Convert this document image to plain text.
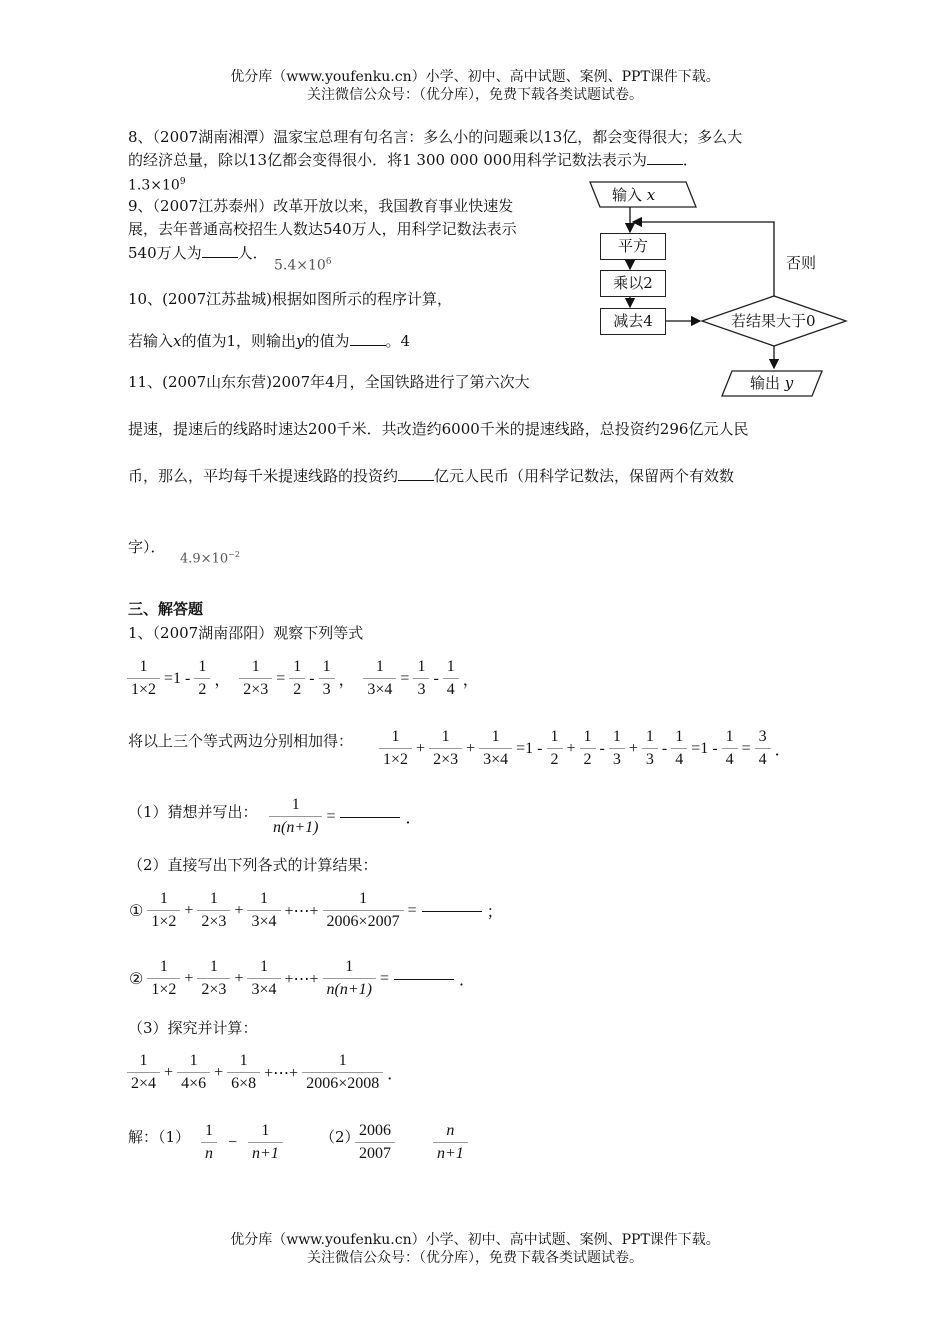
优分库（www.youfenku.cn）小学、初中、高中试题、案例、PPT课件下载。
关注微信公众号：（优分库），免费下载各类试题试卷。
8、（2007湖南湘潭）温家宝总理有句名言：多么小的问题乘以13亿，都会变得很大；多么大
的经济总量，除以13亿都会变得很小．将1 300 000 000用科学记数法表示为 ．
$1.3\times 10^9$
9、（2007江苏泰州）改革开放以来，我国教育事业快速发
展，去年普通高校招生人数达540万人，用科学记数法表示
540万人为 人．
$5.4\times 10^6$
10、(2007江苏盐城)根据如图所示的程序计算，
若输入x的值为1，则输出y的值为 。4
输入 x
平方
乘以2
减去4	若结果大于0
否则
输出 y
11、(2007山东东营)2007年4月，全国铁路进行了第六次大
提速，提速后的线路时速达200千米．共改造约6000千米的提速线路，总投资约296亿元人民
币，那么，平均每千米提速线路的投资约 亿元人民币（用科学记数法，保留两个有效数
字）．
$4.9\times 10^{-2}$
三、解答题
1、（2007湖南邵阳）观察下列等式
$\frac{1}{1\times 2} =1 - \frac{1}{2}$ ， $\frac{1}{2\times 3} = \frac{1}{2} - \frac{1}{3}$ ， $\frac{1}{3\times 4} = \frac{1}{3} - \frac{1}{4}$ ，
将以上三个等式两边分别相加得： $\frac{1}{1\times 2} + \frac{1}{2\times 3} + \frac{1}{3\times 4} =1 - \frac{1}{2} + \frac{1}{2} - \frac{1}{3} + \frac{1}{3} - \frac{1}{4} =1 - \frac{1}{4} = \frac{3}{4}$ ．
（1）猜想并写出： $\frac{1}{n(n+1)}$ =	．
（2）直接写出下列各式的计算结果：
① $\frac{1}{1\times 2} + \frac{1}{2\times 3} + \frac{1}{3\times 4}$ +⋯+ $\frac{1}{2006\times 2007}$ =	；
② $\frac{1}{1\times 2} + \frac{1}{2\times 3} + \frac{1}{3\times 4}$ +⋯+ $\frac{1}{n(n+1)}$ =	．
（3）探究并计算：
$\frac{1}{2\times 4} + \frac{1}{4\times 6} + \frac{1}{6\times 8}$ +⋯+ $\frac{1}{2006\times 2008}$ ．
解：$(1) \frac{1}{n} - \frac{1}{n+1} (2)$
$\frac{2006}{2007} \frac{n}{n+1}$
优分库（www.youfenku.cn）小学、初中、高中试题、案例、PPT课件下载。
关注微信公众号：（优分库），免费下载各类试题试卷。
